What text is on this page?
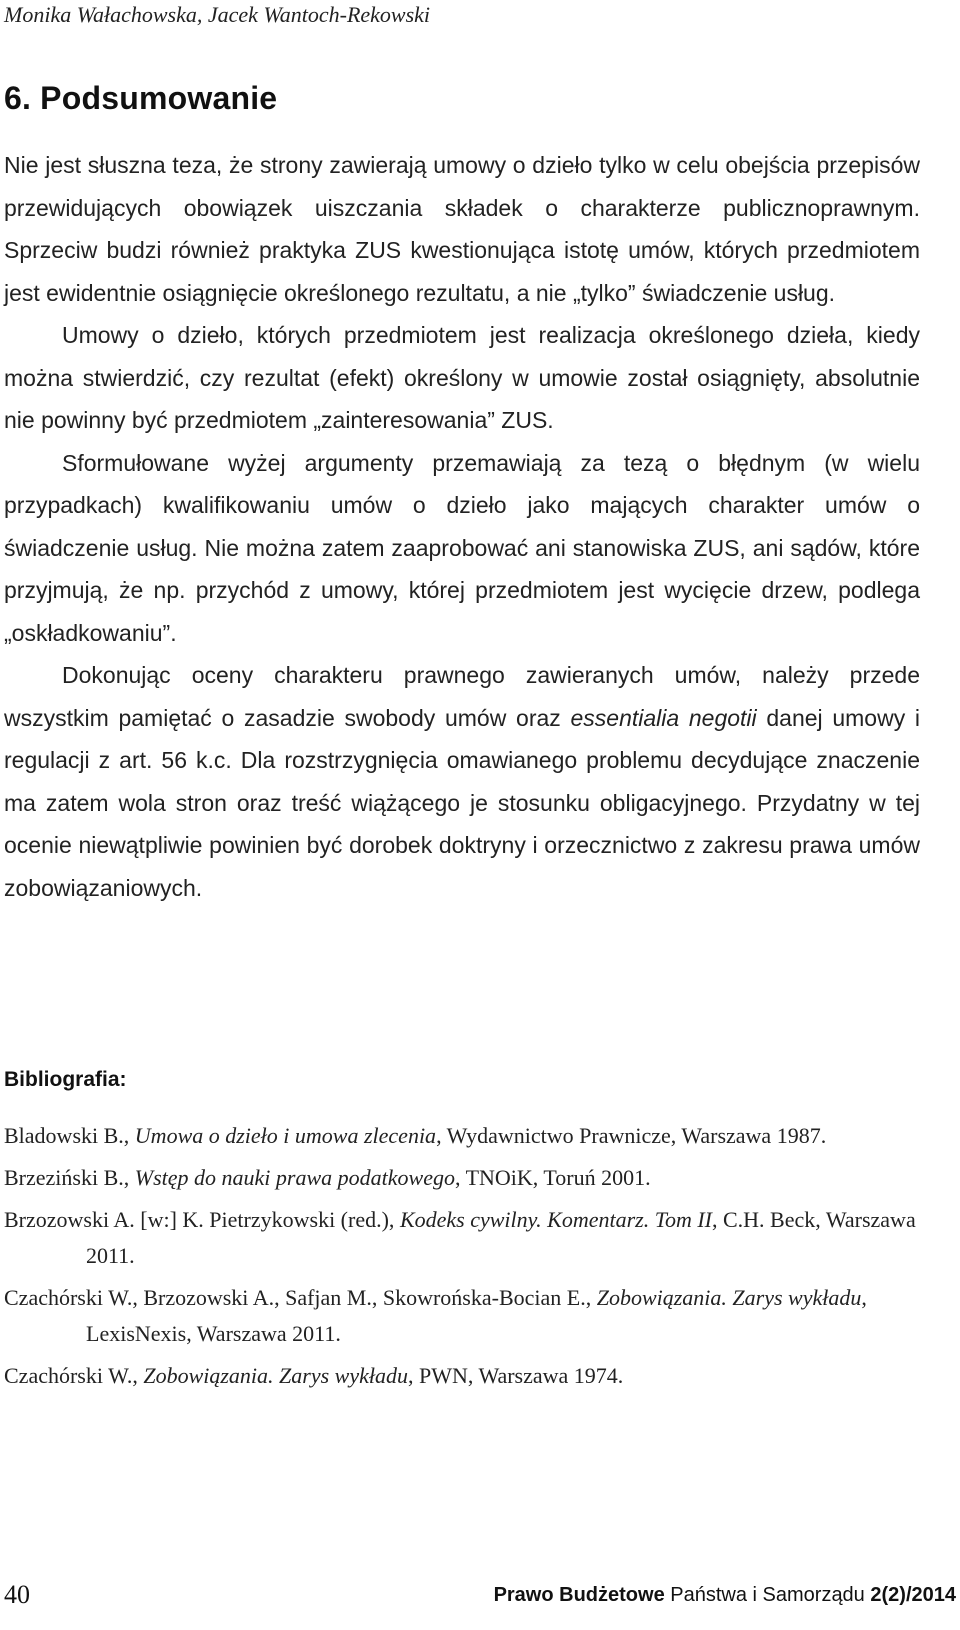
Monika Wałachowska, Jacek Wantoch-Rekowski
6. Podsumowanie

Nie jest słuszna teza, że strony zawierają umowy o dzieło tylko w celu obejścia przepisów przewidujących obowiązek uiszczania składek o charakterze publicznoprawnym. Sprzeciw budzi również praktyka ZUS kwestionująca istotę umów, których przedmiotem jest ewidentnie osiągnięcie określonego rezultatu, a nie „tylko” świadczenie usług.

Umowy o dzieło, których przedmiotem jest realizacja określonego dzieła, kiedy można stwierdzić, czy rezultat (efekt) określony w umowie został osiągnięty, absolutnie nie powinny być przedmiotem „zainteresowania” ZUS.

Sformułowane wyżej argumenty przemawiają za tezą o błędnym (w wielu przypadkach) kwalifikowaniu umów o dzieło jako mających charakter umów o świadczenie usług. Nie można zatem zaaprobować ani stanowiska ZUS, ani sądów, które przyjmują, że np. przychód z umowy, której przedmiotem jest wycięcie drzew, podlega „oskładkowaniu”.

Dokonując oceny charakteru prawnego zawieranych umów, należy przede wszystkim pamiętać o zasadzie swobody umów oraz essentialia negotii danej umowy i regulacji z art. 56 k.c. Dla rozstrzygnięcia omawianego problemu decydujące znaczenie ma zatem wola stron oraz treść wiążącego je stosunku obligacyjnego. Przydatny w tej ocenie niewątpliwie powinien być dorobek doktryny i orzecznictwo z zakresu prawa umów zobowiązaniowych.

Bibliografia:
Bladowski B., Umowa o dzieło i umowa zlecenia, Wydawnictwo Prawnicze, Warszawa 1987.
Brzeziński B., Wstęp do nauki prawa podatkowego, TNOiK, Toruń 2001.
Brzozowski A. [w:] K. Pietrzykowski (red.), Kodeks cywilny. Komentarz. Tom II, C.H. Beck, Warszawa 2011.
Czachórski W., Brzozowski A., Safjan M., Skowrońska-Bocian E., Zobowiązania. Zarys wykładu, LexisNexis, Warszawa 2011.
Czachórski W., Zobowiązania. Zarys wykładu, PWN, Warszawa 1974.
40	Prawo Budżetowe Państwa i Samorządu 2(2)/2014
